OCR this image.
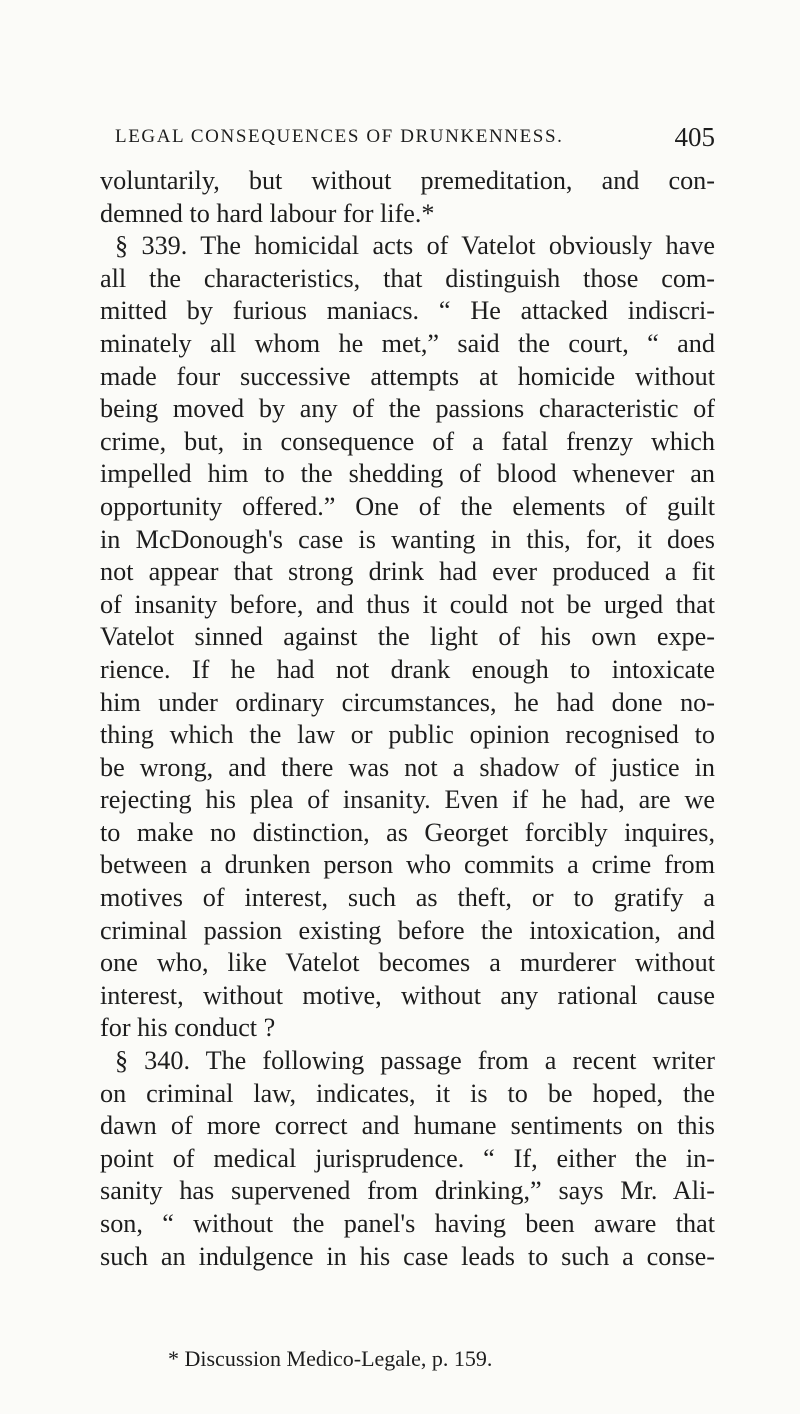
LEGAL CONSEQUENCES OF DRUNKENNESS.	405
voluntarily, but without premeditation, and con-
demned to hard labour for life.*
§ 339. The homicidal acts of Vatelot obviously have
all the characteristics, that distinguish those com-
mitted by furious maniacs. “ He attacked indiscri-
minately all whom he met,” said the court, “ and
made four successive attempts at homicide without
being moved by any of the passions characteristic of
crime, but, in consequence of a fatal frenzy which
impelled him to the shedding of blood whenever an
opportunity offered.” One of the elements of guilt
in McDonough's case is wanting in this, for, it does
not appear that strong drink had ever produced a fit
of insanity before, and thus it could not be urged that
Vatelot sinned against the light of his own expe-
rience. If he had not drank enough to intoxicate
him under ordinary circumstances, he had done no-
thing which the law or public opinion recognised to
be wrong, and there was not a shadow of justice in
rejecting his plea of insanity. Even if he had, are we
to make no distinction, as Georget forcibly inquires,
between a drunken person who commits a crime from
motives of interest, such as theft, or to gratify a
criminal passion existing before the intoxication, and
one who, like Vatelot becomes a murderer without
interest, without motive, without any rational cause
for his conduct ?
§ 340. The following passage from a recent writer
on criminal law, indicates, it is to be hoped, the
dawn of more correct and humane sentiments on this
point of medical jurisprudence. “ If, either the in-
sanity has supervened from drinking,” says Mr. Ali-
son, “ without the panel's having been aware that
such an indulgence in his case leads to such a conse-
* Discussion Medico-Legale, p. 159.
